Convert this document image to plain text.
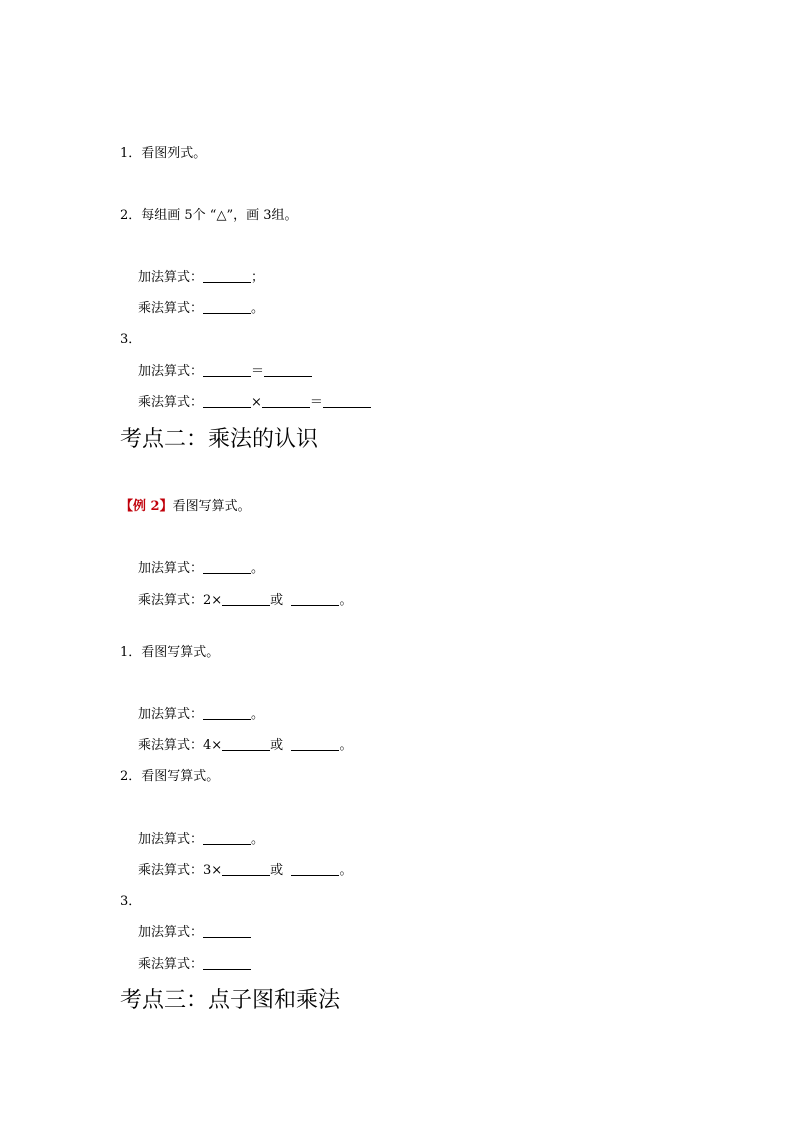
1．看图列式。
2．每组画 5个 “△”，画 3组。
加法算式：	；
乘法算式：	。
3．
加法算式：	＝
乘法算式：	×	＝
考点二：乘法的认识
【例 2】看图写算式。
加法算式：	。
乘法算式：2×	或	。
1．看图写算式。
加法算式：	。
乘法算式：4×	或	。
2．看图写算式。
加法算式：	。
乘法算式：3×	或	。
3．
加法算式：
乘法算式：
考点三：点子图和乘法
